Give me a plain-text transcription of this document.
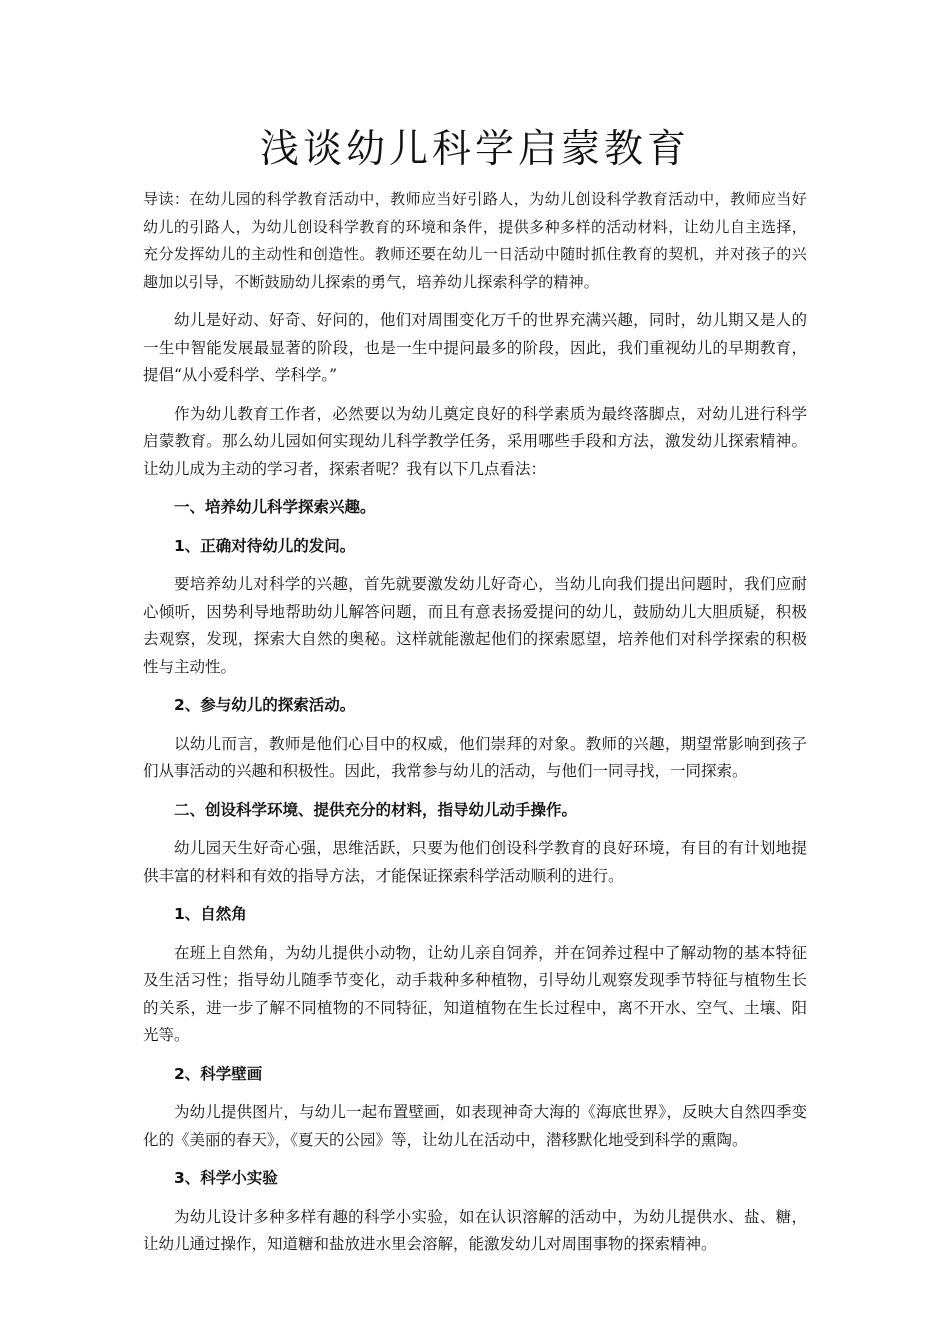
浅谈幼儿科学启蒙教育

导读：在幼儿园的科学教育活动中，教师应当好引路人，为幼儿创设科学教育活动中，教师应当好幼儿的引路人，为幼儿创设科学教育的环境和条件，提供多种多样的活动材料，让幼儿自主选择，充分发挥幼儿的主动性和创造性。教师还要在幼儿一日活动中随时抓住教育的契机，并对孩子的兴趣加以引导，不断鼓励幼儿探索的勇气，培养幼儿探索科学的精神。

幼儿是好动、好奇、好问的，他们对周围变化万千的世界充满兴趣，同时，幼儿期又是人的一生中智能发展最显著的阶段，也是一生中提问最多的阶段，因此，我们重视幼儿的早期教育，提倡“从小爱科学、学科学。”

作为幼儿教育工作者，必然要以为幼儿奠定良好的科学素质为最终落脚点，对幼儿进行科学启蒙教育。那么幼儿园如何实现幼儿科学教学任务，采用哪些手段和方法，激发幼儿探索精神。让幼儿成为主动的学习者，探索者呢？我有以下几点看法：

一、培养幼儿科学探索兴趣。

1、正确对待幼儿的发问。

要培养幼儿对科学的兴趣，首先就要激发幼儿好奇心，当幼儿向我们提出问题时，我们应耐心倾听，因势利导地帮助幼儿解答问题，而且有意表扬爱提问的幼儿，鼓励幼儿大胆质疑，积极去观察，发现，探索大自然的奥秘。这样就能激起他们的探索愿望，培养他们对科学探索的积极性与主动性。

2、参与幼儿的探索活动。

以幼儿而言，教师是他们心目中的权威，他们崇拜的对象。教师的兴趣，期望常影响到孩子们从事活动的兴趣和积极性。因此，我常参与幼儿的活动，与他们一同寻找，一同探索。

二、创设科学环境、提供充分的材料，指导幼儿动手操作。

幼儿园天生好奇心强，思维活跃，只要为他们创设科学教育的良好环境，有目的有计划地提供丰富的材料和有效的指导方法，才能保证探索科学活动顺利的进行。

1、自然角

在班上自然角，为幼儿提供小动物，让幼儿亲自饲养，并在饲养过程中了解动物的基本特征及生活习性；指导幼儿随季节变化，动手栽种多种植物，引导幼儿观察发现季节特征与植物生长的关系，进一步了解不同植物的不同特征，知道植物在生长过程中，离不开水、空气、土壤、阳光等。

2、科学壁画

为幼儿提供图片，与幼儿一起布置壁画，如表现神奇大海的《海底世界》，反映大自然四季变化的《美丽的春天》，《夏天的公园》等，让幼儿在活动中，潜移默化地受到科学的熏陶。

3、科学小实验

为幼儿设计多种多样有趣的科学小实验，如在认识溶解的活动中，为幼儿提供水、盐、糖，让幼儿通过操作，知道糖和盐放进水里会溶解，能激发幼儿对周围事物的探索精神。
